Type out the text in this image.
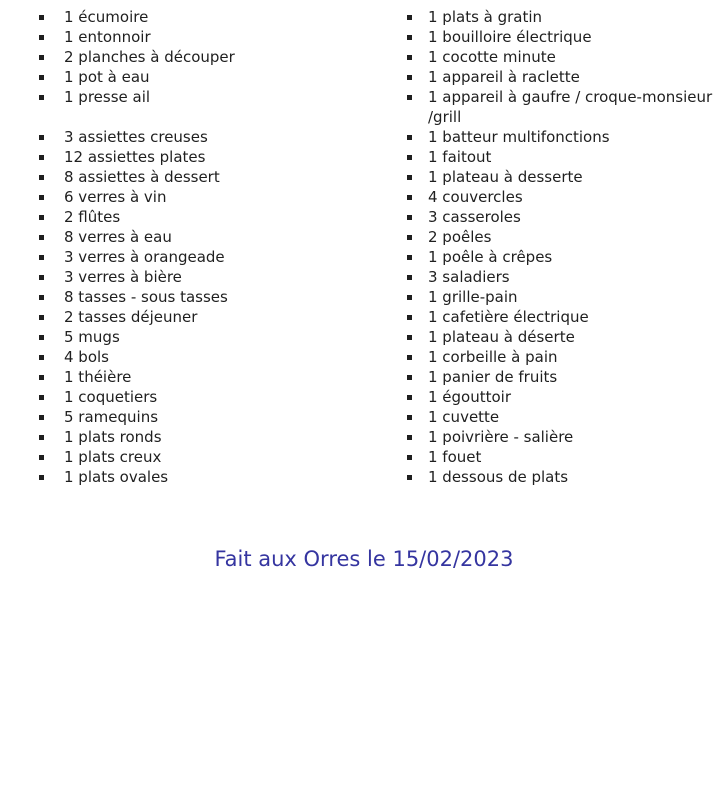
1 écumoire
1 entonnoir
2 planches à découper
1 pot à eau
1 presse ail
3 assiettes creuses
12 assiettes plates
8 assiettes à dessert
6 verres à vin
2 flûtes
8 verres à eau
3 verres à orangeade
3 verres à bière
8 tasses - sous tasses
2 tasses déjeuner
5 mugs
4 bols
1 théière
1 coquetiers
5 ramequins
1 plats ronds
1 plats creux
1 plats ovales
1 plats à gratin
1 bouilloire électrique
1 cocotte minute
1 appareil à raclette
1 appareil à gaufre / croque-monsieur
/grill
1 batteur multifonctions
1 faitout
1 plateau à desserte
4 couvercles
3 casseroles
2 poêles
1 poêle à crêpes
3 saladiers
1 grille-pain
1 cafetière électrique
1 plateau à déserte
1 corbeille à pain
1 panier de fruits
1 égouttoir
1 cuvette
1 poivrière - salière
1 fouet
1 dessous de plats
Fait aux Orres le 15/02/2023
